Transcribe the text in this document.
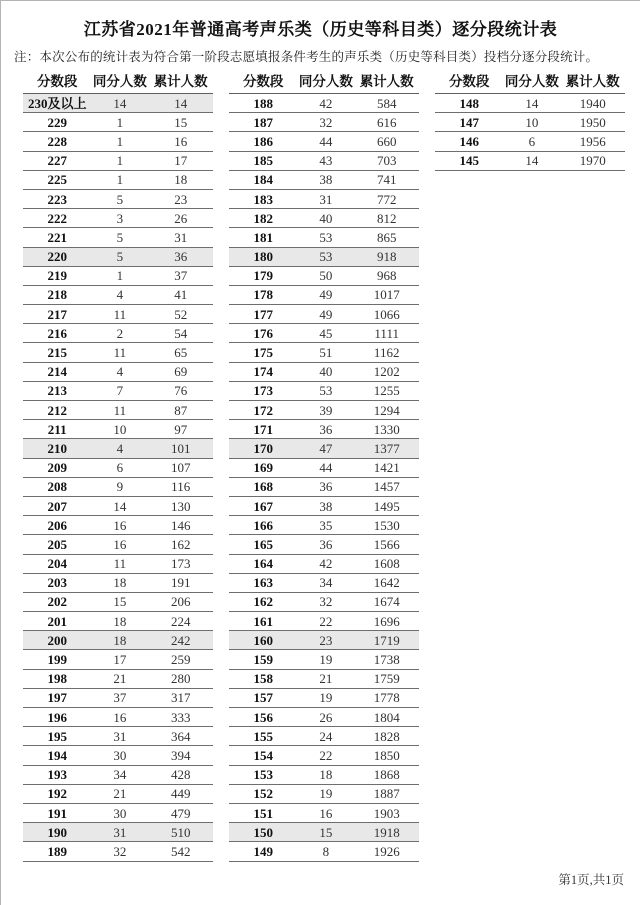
江苏省2021年普通高考声乐类（历史等科目类）逐分段统计表
注：本次公布的统计表为符合第一阶段志愿填报条件考生的声乐类（历史等科目类）投档分逐分段统计。
分数段	同分人数 累计人数
230及以上	14	14
229	1	15
228	1	16
227	1	17
225	1	18
223	5	23
222	3	26
221	5	31
220	5	36
219	1	37
218	4	41
217	11	52
216	2	54
215	11	65
214	4	69
213	7	76
212	11	87
211	10	97
210	4	101
209	6	107
208	9	116
207	14	130
206	16	146
205	16	162
204	11	173
203	18	191
202	15	206
201	18	224
200	18	242
199	17	259
198	21	280
197	37	317
196	16	333
195	31	364
194	30	394
193	34	428
192	21	449
191	30	479
190	31	510
189	32	542
分数段	同分人数 累计人数
188	42	584
187	32	616
186	44	660
185	43	703
184	38	741
183	31	772
182	40	812
181	53	865
180	53	918
179	50	968
178	49	1017
177	49	1066
176	45	1111
175	51	1162
174	40	1202
173	53	1255
172	39	1294
171	36	1330
170	47	1377
169	44	1421
168	36	1457
167	38	1495
166	35	1530
165	36	1566
164	42	1608
163	34	1642
162	32	1674
161	22	1696
160	23	1719
159	19	1738
158	21	1759
157	19	1778
156	26	1804
155	24	1828
154	22	1850
153	18	1868
152	19	1887
151	16	1903
150	15	1918
149	8	1926
分数段	同分人数 累计人数
148	14	1940
147	10	1950
146	6	1956
145	14	1970
第1页,共1页
